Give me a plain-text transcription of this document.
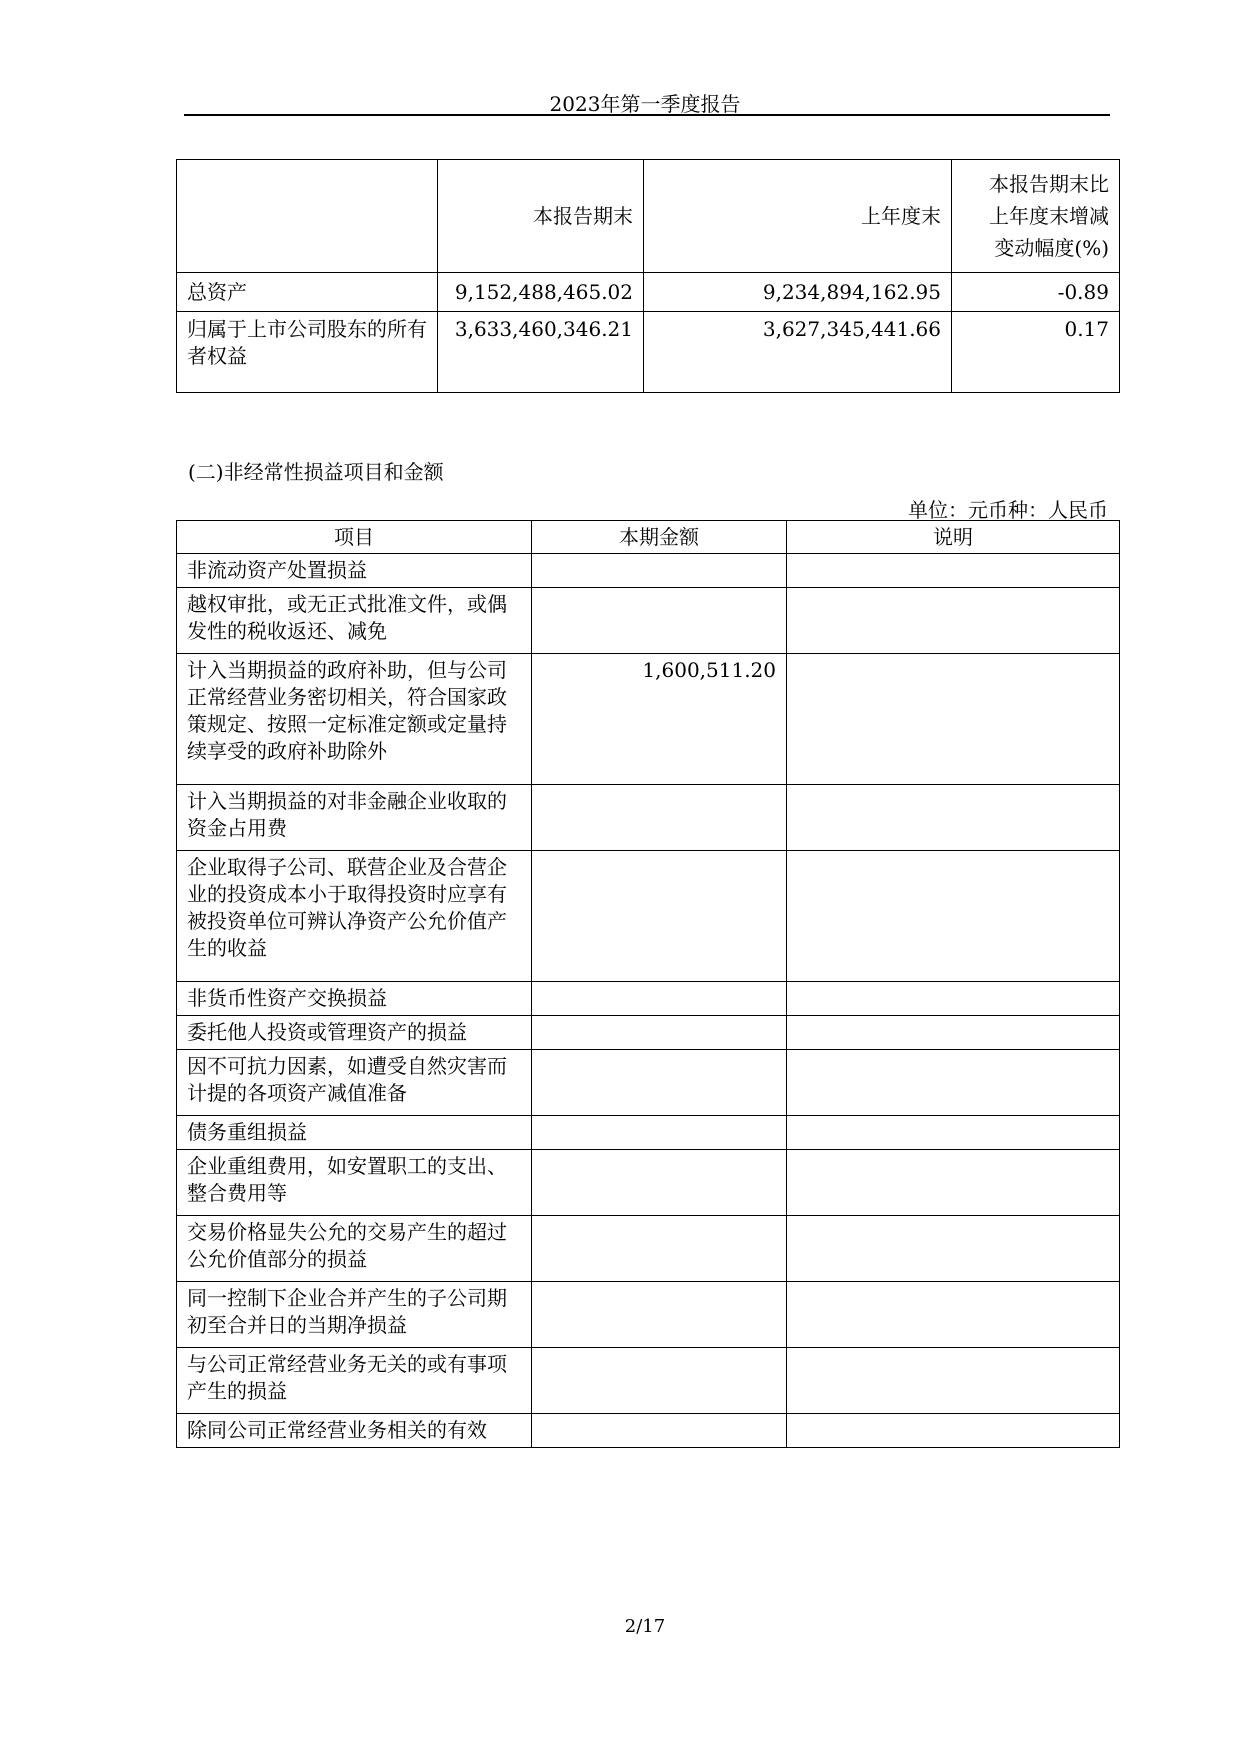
2023年第一季度报告
	本报告期末	上年度末	本报告期末比
上年度末增减
变动幅度(%)

总资产	9,152,488,465.02	9,234,894,162.95	-0.89
归属于上市公司股东的所有者权益	3,633,460,346.21	3,627,345,441.66	0.17
(二)非经常性损益项目和金额
单位：元币种：人民币
项目	本期金额	说明
非流动资产处置损益		
越权审批，或无正式批准文件，或偶发性的税收返还、减免		
计入当期损益的政府补助，但与公司正常经营业务密切相关，符合国家政策规定、按照一定标准定额或定量持续享受的政府补助除外	1,600,511.20	
计入当期损益的对非金融企业收取的资金占用费		
企业取得子公司、联营企业及合营企业的投资成本小于取得投资时应享有被投资单位可辨认净资产公允价值产生的收益		
非货币性资产交换损益		
委托他人投资或管理资产的损益		
因不可抗力因素，如遭受自然灾害而计提的各项资产减值准备		
债务重组损益		
企业重组费用，如安置职工的支出、整合费用等		
交易价格显失公允的交易产生的超过公允价值部分的损益		
同一控制下企业合并产生的子公司期初至合并日的当期净损益		
与公司正常经营业务无关的或有事项产生的损益		
除同公司正常经营业务相关的有效		
2/17
